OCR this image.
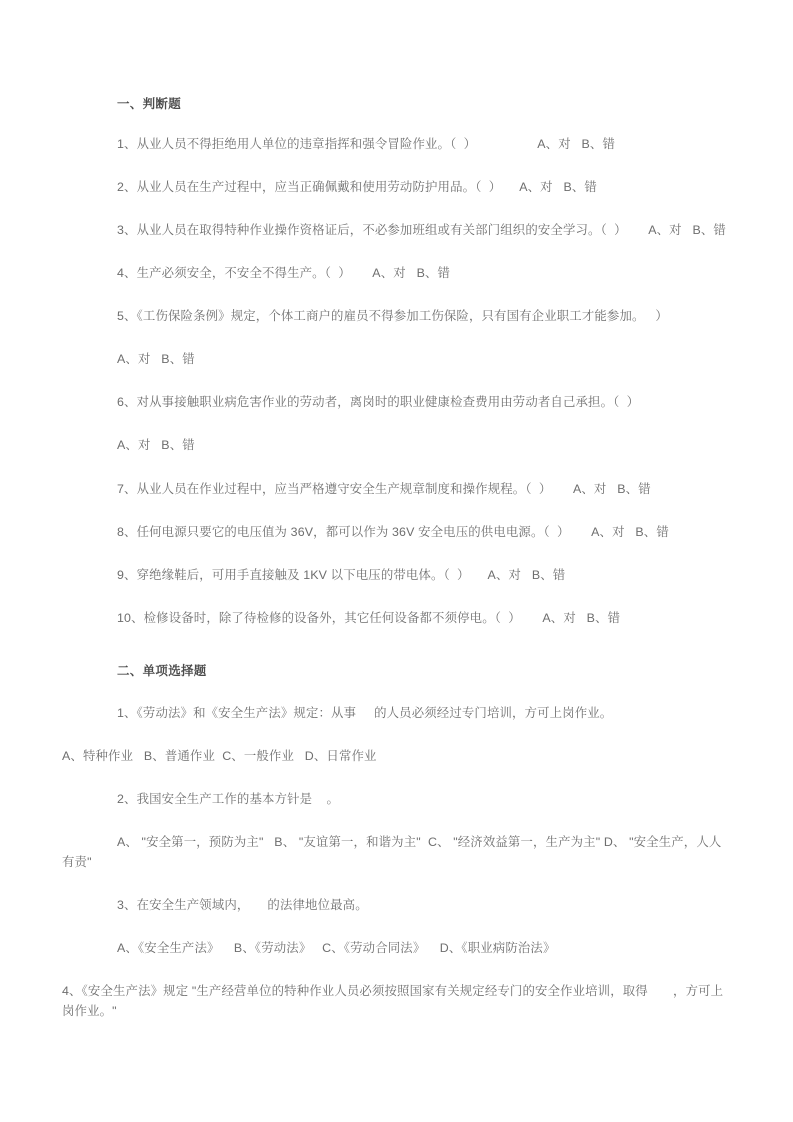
一、判断题
1、从业人员不得拒绝用人单位的违章指挥和强令冒险作业。（  ）                 A、对   B、错
2、从业人员在生产过程中，应当正确佩戴和使用劳动防护用品。（  ）     A、对   B、错
3、从业人员在取得特种作业操作资格证后，不必参加班组或有关部门组织的安全学习。（  ）      A、对   B、错
4、生产必须安全，不安全不得生产。（  ）      A、对   B、错
5、《工伤保险条例》规定，个体工商户的雇员不得参加工伤保险，只有国有企业职工才能参加。   ）
A、对   B、错
6、对从事接触职业病危害作业的劳动者，离岗时的职业健康检查费用由劳动者自己承担。（  ）
A、对   B、错
7、从业人员在作业过程中，应当严格遵守安全生产规章制度和操作规程。（  ）      A、对   B、错
8、任何电源只要它的电压值为 36V，都可以作为 36V 安全电压的供电电源。（  ）      A、对   B、错
9、穿绝缘鞋后，可用手直接触及 1KV 以下电压的带电体。（  ）     A、对   B、错
10、检修设备时，除了待检修的设备外，其它任何设备都不须停电。（  ）      A、对   B、错
二、单项选择题
1、《劳动法》和《安全生产法》规定：从事     的人员必须经过专门培训，方可上岗作业。
A、特种作业   B、普通作业  C、一般作业   D、日常作业
2、我国安全生产工作的基本方针是    。
A、 "安全第一，预防为主"   B、 "友谊第一，和谐为主"  C、 "经济效益第一，生产为主" D、 "安全生产，人人有责"
3、在安全生产领域内，     的法律地位最高。
A、《安全生产法》    B、《劳动法》   C、《劳动合同法》    D、《职业病防治法》
4、《安全生产法》规定 "生产经营单位的特种作业人员必须按照国家有关规定经专门的安全作业培训，取得       ，方可上岗作业。"
